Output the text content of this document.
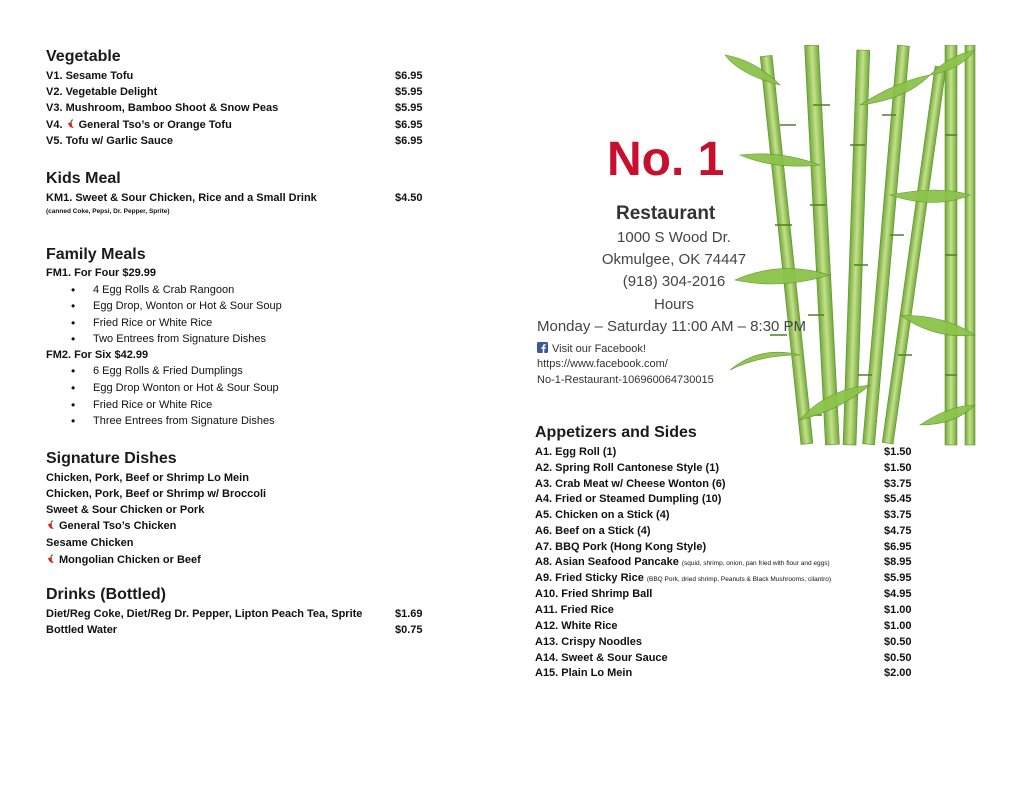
Vegetable
V1. Sesame Tofu	$6.95
V2. Vegetable Delight	$5.95
V3. Mushroom, Bamboo Shoot & Snow Peas	$5.95
V4. General Tso’s or Orange Tofu	$6.95
V5. Tofu w/ Garlic Sauce	$6.95
Kids Meal
KM1. Sweet & Sour Chicken, Rice and a Small Drink	$4.50
(canned Coke, Pepsi, Dr. Pepper, Sprite)
Family Meals
FM1. For Four $29.99
• 4 Egg Rolls & Crab Rangoon
• Egg Drop, Wonton or Hot & Sour Soup
• Fried Rice or White Rice
• Two Entrees from Signature Dishes
FM2. For Six $42.99
• 6 Egg Rolls & Fried Dumplings
• Egg Drop Wonton or Hot & Sour Soup
• Fried Rice or White Rice
• Three Entrees from Signature Dishes
Signature Dishes
Chicken, Pork, Beef or Shrimp Lo Mein
Chicken, Pork, Beef or Shrimp w/ Broccoli
Sweet & Sour Chicken or Pork
General Tso’s Chicken
Sesame Chicken
Mongolian Chicken or Beef
Drinks (Bottled)
Diet/Reg Coke, Diet/Reg Dr. Pepper, Lipton Peach Tea, Sprite	$1.69
Bottled Water	$0.75
No. 1
Restaurant
1000 S Wood Dr.
Okmulgee, OK 74447
(918) 304-2016
Hours
Monday – Saturday 11:00 AM – 8:30 PM
Visit our Facebook!
https://www.facebook.com/
No-1-Restaurant-106960064730015
Appetizers and Sides
A1. Egg Roll (1)	$1.50
A2. Spring Roll Cantonese Style (1)	$1.50
A3. Crab Meat w/ Cheese Wonton (6)	$3.75
A4. Fried or Steamed Dumpling (10)	$5.45
A5. Chicken on a Stick (4)	$3.75
A6. Beef on a Stick (4)	$4.75
A7. BBQ Pork (Hong Kong Style)	$6.95
A8. Asian Seafood Pancake (squid, shrimp, onion, pan fried with flour and eggs)	$8.95
A9. Fried Sticky Rice (BBQ Pork, dried shrimp, Peanuts & Black Mushrooms, cilantro)	$5.95
A10. Fried Shrimp Ball	$4.95
A11. Fried Rice	$1.00
A12. White Rice	$1.00
A13. Crispy Noodles	$0.50
A14. Sweet & Sour Sauce	$0.50
A15. Plain Lo Mein	$2.00
